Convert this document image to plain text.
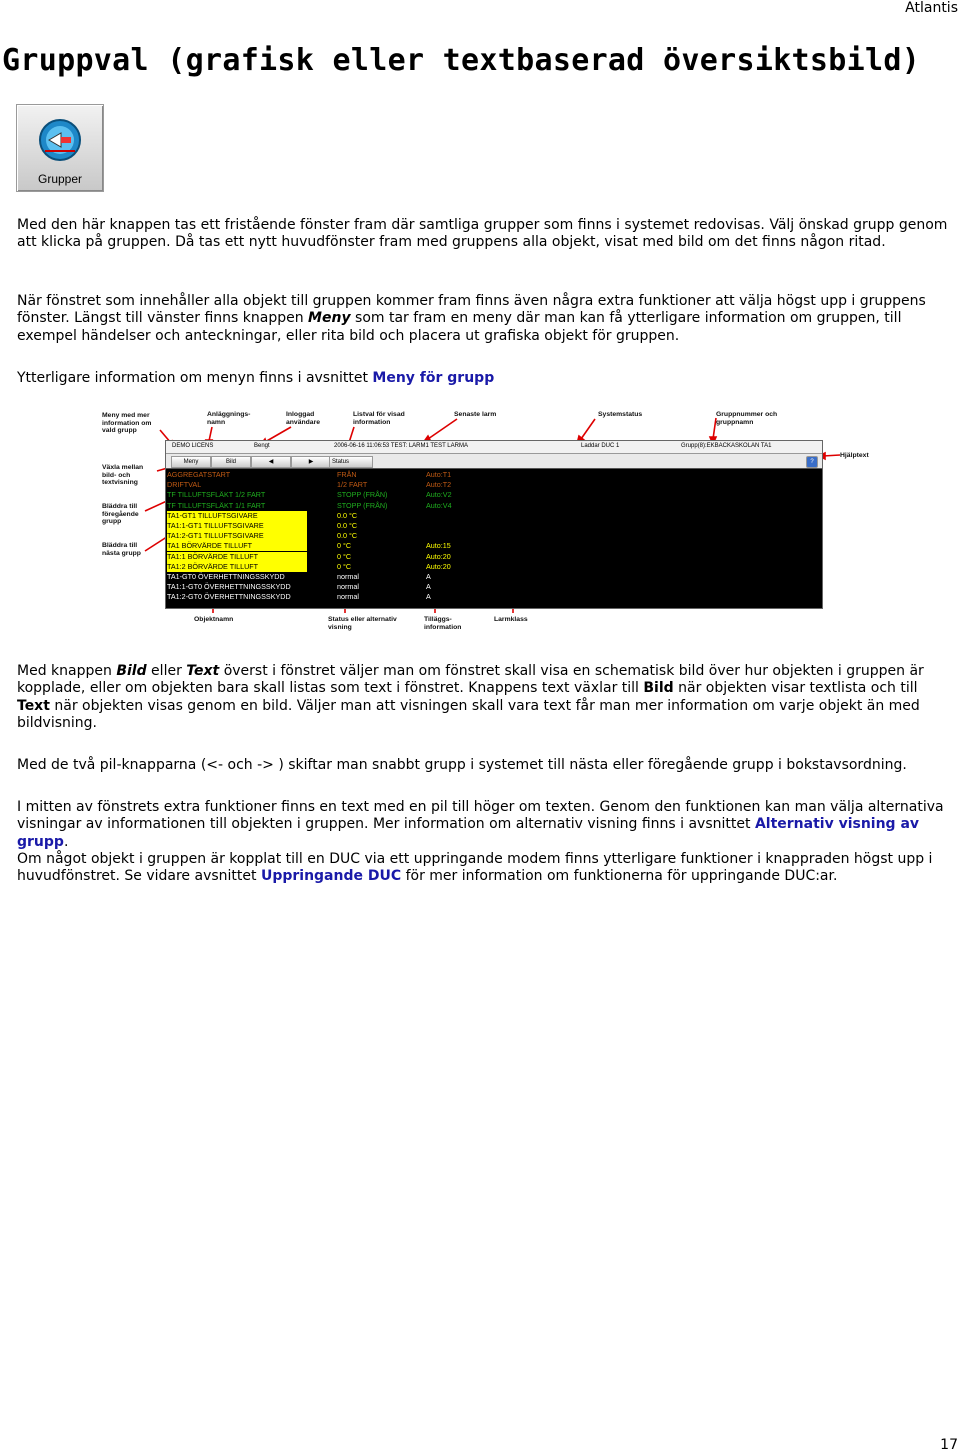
Atlantis
Gruppval (grafisk eller textbaserad översiktsbild)
Grupper

Med den här knappen tas ett fristående fönster fram där samtliga grupper som finns i systemet redovisas. Välj önskad grupp genom att klicka på gruppen. Då tas ett nytt huvudfönster fram med gruppens alla objekt, visat med bild om det finns någon ritad.

När fönstret som innehåller alla objekt till gruppen kommer fram finns även några extra funktioner att välja högst upp i gruppens fönster. Längst till vänster finns knappen Meny som tar fram en meny där man kan få ytterligare information om gruppen, till exempel händelser och anteckningar, eller rita bild och placera ut grafiska objekt för gruppen.

Ytterligare information om menyn finns i avsnittet Meny för grupp

Meny med mer information om vald grupp
Anläggnings- namn
Inloggad användare
Listval för visad information
Senaste larm	Systemstatus	Gruppnummer och gruppnamn
Växla mellan bild- och textvisning
Bläddra till föregående grupp
Bläddra till nästa grupp
Hjälptext
Objektnamn	Status eller alternativ visning
Tilläggs- information
Larmklass
DEMO LICENS	Bengt	2006-06-16 11:06:53 TEST: LARM1 TEST LARMA	Laddar DUC 1	Grupp(8):EKBACKASKOLAN TA1
Meny	Bild	◀	▶	Status	?
AGGREGATSTART	FRÅN	Auto:T1
DRIFTVAL	1/2 FART	Auto:T2
TF TILLUFTSFLÄKT 1/2 FART	STOPP (FRÅN)	Auto:V2
TF TILLUFTSFLÄKT 1/1 FART	STOPP (FRÅN)	Auto:V4
TA1-GT1 TILLUFTSGIVARE	0.0 °C
TA1:1-GT1 TILLUFTSGIVARE	0.0 °C
TA1:2-GT1 TILLUFTSGIVARE	0.0 °C
TA1 BÖRVÄRDE TILLUFT	0 °C	Auto:15
TA1:1 BÖRVÄRDE TILLUFT	0 °C	Auto:20
TA1:2 BÖRVÄRDE TILLUFT	0 °C	Auto:20
TA1-GT0 ÖVERHETTNINGSSKYDD	normal	A
TA1:1-GT0 ÖVERHETTNINGSSKYDD	normal	A
TA1:2-GT0 ÖVERHETTNINGSSKYDD	normal	A

Med knappen Bild eller Text överst i fönstret väljer man om fönstret skall visa en schematisk bild över hur objekten i gruppen är kopplade, eller om objekten bara skall listas som text i fönstret. Knappens text växlar till Bild när objekten visar textlista och till Text när objekten visas genom en bild. Väljer man att visningen skall vara text får man mer information om varje objekt än med bildvisning.

Med de två pil-knapparna (<- och -> ) skiftar man snabbt grupp i systemet till nästa eller föregående grupp i bokstavsordning.

I mitten av fönstrets extra funktioner finns en text med en pil till höger om texten. Genom den funktionen kan man välja alternativa visningar av informationen till objekten i gruppen. Mer information om alternativ visning finns i avsnittet Alternativ visning av grupp.
Om något objekt i gruppen är kopplat till en DUC via ett uppringande modem finns ytterligare funktioner i knappraden högst upp i huvudfönstret. Se vidare avsnittet Uppringande DUC för mer information om funktionerna för uppringande DUC:ar.

17
